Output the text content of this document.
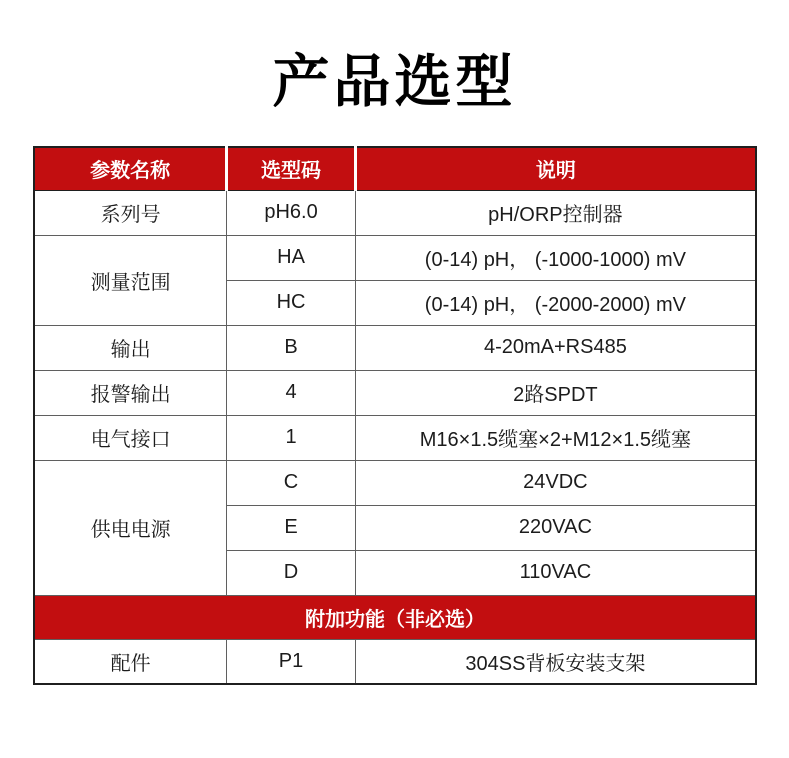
产品选型
参数名称	选型码	说明
系列号	pH6.0	pH/ORP控制器
测量范围	HA	(0-14) pH， (-1000-1000) mV
	HC	(0-14) pH， (-2000-2000) mV
输出	B	4-20mA+RS485
报警输出	4	2路SPDT
电气接口	1	M16×1.5缆塞×2+M12×1.5缆塞
供电电源	C	24VDC
	E	220VAC
	D	110VAC
附加功能（非必选）		
配件	P1	304SS背板安装支架
